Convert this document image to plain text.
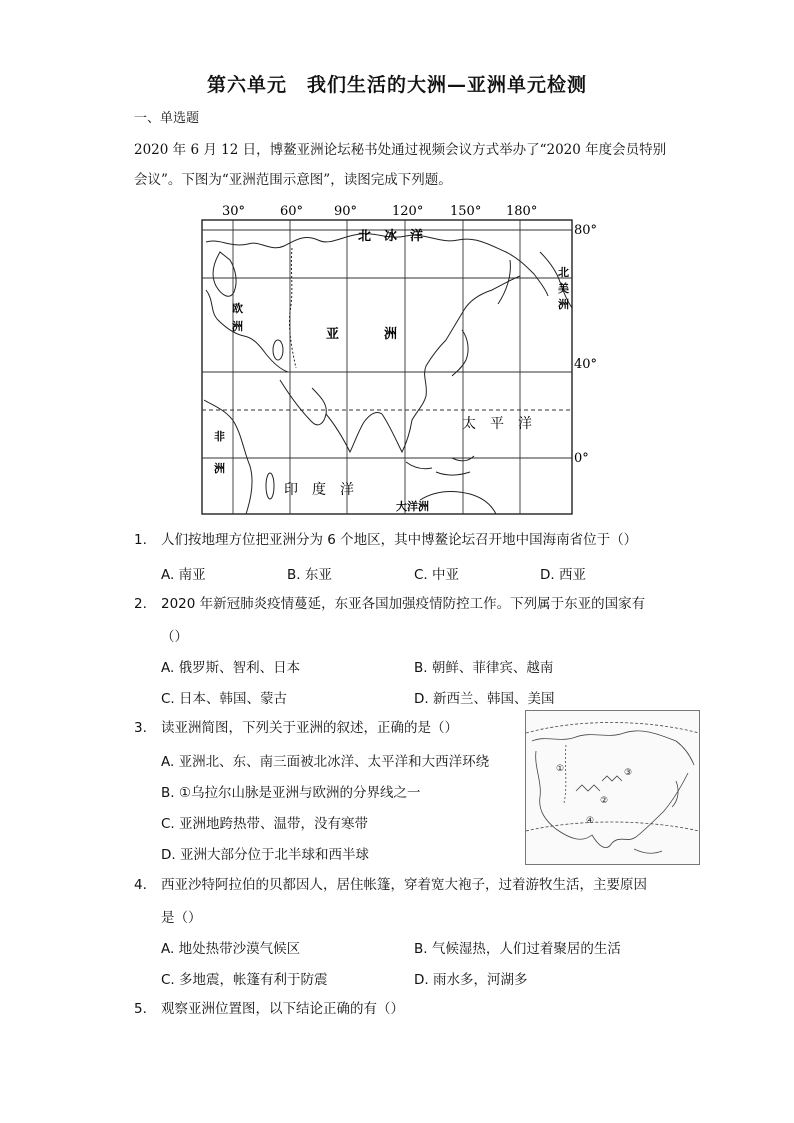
第六单元　我们生活的大洲—亚洲单元检测
一、单选题
2020 年 6 月 12 日，博鳌亚洲论坛秘书处通过视频会议方式举办了“2020 年度会员特别
会议”。下图为“亚洲范围示意图”，读图完成下列题。
30°	60° 90°	120° 150° 180°
80°
40°
0°
北　冰　洋
欧
洲
亚	洲
非
洲
太　平　洋
印　度　洋
大洋洲
北
美
洲
1.	人们按地理方位把亚洲分为 6 个地区，其中博鳌论坛召开地中国海南省位于（）
A. 南亚	B. 东亚	C. 中亚	D. 西亚
2.	2020 年新冠肺炎疫情蔓延，东亚各国加强疫情防控工作。下列属于东亚的国家有
（）
A. 俄罗斯、智利、日本	B. 朝鲜、菲律宾、越南
C. 日本、韩国、蒙古	D. 新西兰、韩国、美国
3.	读亚洲简图，下列关于亚洲的叙述，正确的是（）
A. 亚洲北、东、南三面被北冰洋、太平洋和大西洋环绕
B. ①乌拉尔山脉是亚洲与欧洲的分界线之一
C. 亚洲地跨热带、温带，没有寒带
D. 亚洲大部分位于北半球和西半球
①
②
③
④
4.	西亚沙特阿拉伯的贝都因人，居住帐篷，穿着宽大袍子，过着游牧生活，主要原因
是（）
A. 地处热带沙漠气候区	B. 气候湿热，人们过着聚居的生活
C. 多地震，帐篷有利于防震	D. 雨水多，河湖多
5.	观察亚洲位置图，以下结论正确的有（）
